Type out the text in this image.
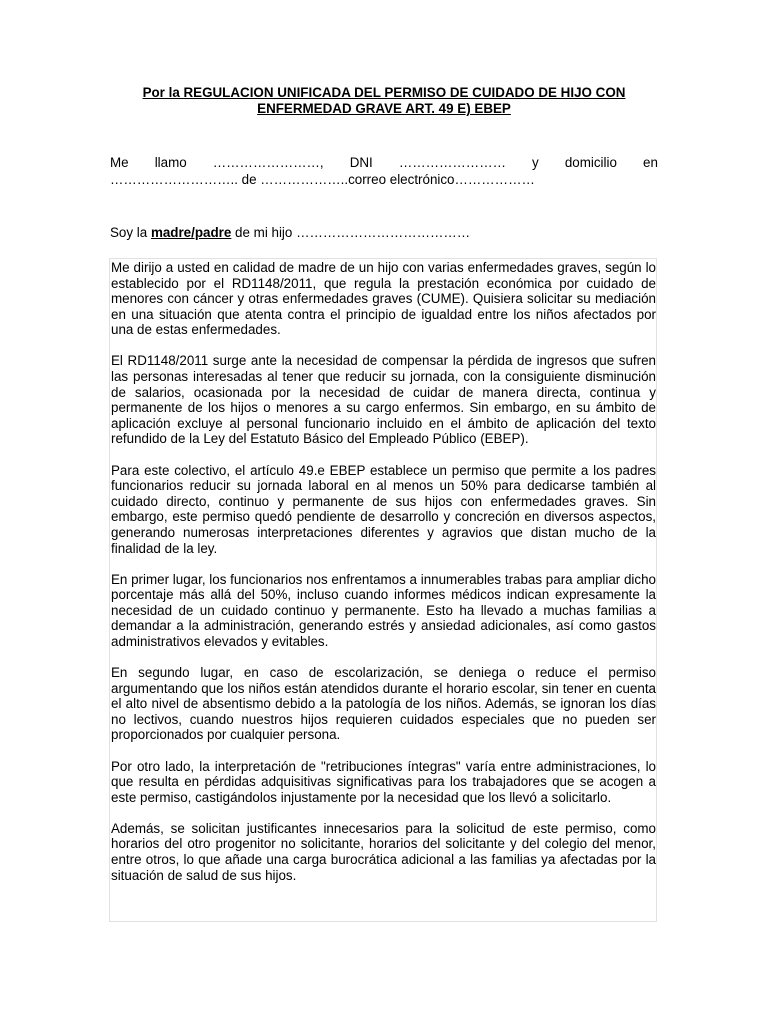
Por la REGULACION UNIFICADA DEL PERMISO DE CUIDADO DE HIJO CON
ENFERMEDAD GRAVE ART. 49 E) EBEP
Me llamo ……………………, DNI …………………… y domicilio en
……………………….. de ………………..correo electrónico………………
Soy la madre/padre de mi hijo …………………………………

Me dirijo a usted en calidad de madre de un hijo con varias enfermedades graves, según lo establecido por el RD1148/2011, que regula la prestación económica por cuidado de menores con cáncer y otras enfermedades graves (CUME). Quisiera solicitar su mediación en una situación que atenta contra el principio de igualdad entre los niños afectados por una de estas enfermedades.

El RD1148/2011 surge ante la necesidad de compensar la pérdida de ingresos que sufren las personas interesadas al tener que reducir su jornada, con la consiguiente disminución de salarios, ocasionada por la necesidad de cuidar de manera directa, continua y permanente de los hijos o menores a su cargo enfermos. Sin embargo, en su ámbito de aplicación excluye al personal funcionario incluido en el ámbito de aplicación del texto refundido de la Ley del Estatuto Básico del Empleado Público (EBEP).

Para este colectivo, el artículo 49.e EBEP establece un permiso que permite a los padres funcionarios reducir su jornada laboral en al menos un 50% para dedicarse también al cuidado directo, continuo y permanente de sus hijos con enfermedades graves. Sin embargo, este permiso quedó pendiente de desarrollo y concreción en diversos aspectos, generando numerosas interpretaciones diferentes y agravios que distan mucho de la finalidad de la ley.

En primer lugar, los funcionarios nos enfrentamos a innumerables trabas para ampliar dicho porcentaje más allá del 50%, incluso cuando informes médicos indican expresamente la necesidad de un cuidado continuo y permanente. Esto ha llevado a muchas familias a demandar a la administración, generando estrés y ansiedad adicionales, así como gastos administrativos elevados y evitables.

En segundo lugar, en caso de escolarización, se deniega o reduce el permiso argumentando que los niños están atendidos durante el horario escolar, sin tener en cuenta el alto nivel de absentismo debido a la patología de los niños. Además, se ignoran los días no lectivos, cuando nuestros hijos requieren cuidados especiales que no pueden ser proporcionados por cualquier persona.

Por otro lado, la interpretación de "retribuciones íntegras" varía entre administraciones, lo que resulta en pérdidas adquisitivas significativas para los trabajadores que se acogen a este permiso, castigándolos injustamente por la necesidad que los llevó a solicitarlo.

Además, se solicitan justificantes innecesarios para la solicitud de este permiso, como horarios del otro progenitor no solicitante, horarios del solicitante y del colegio del menor, entre otros, lo que añade una carga burocrática adicional a las familias ya afectadas por la situación de salud de sus hijos.
